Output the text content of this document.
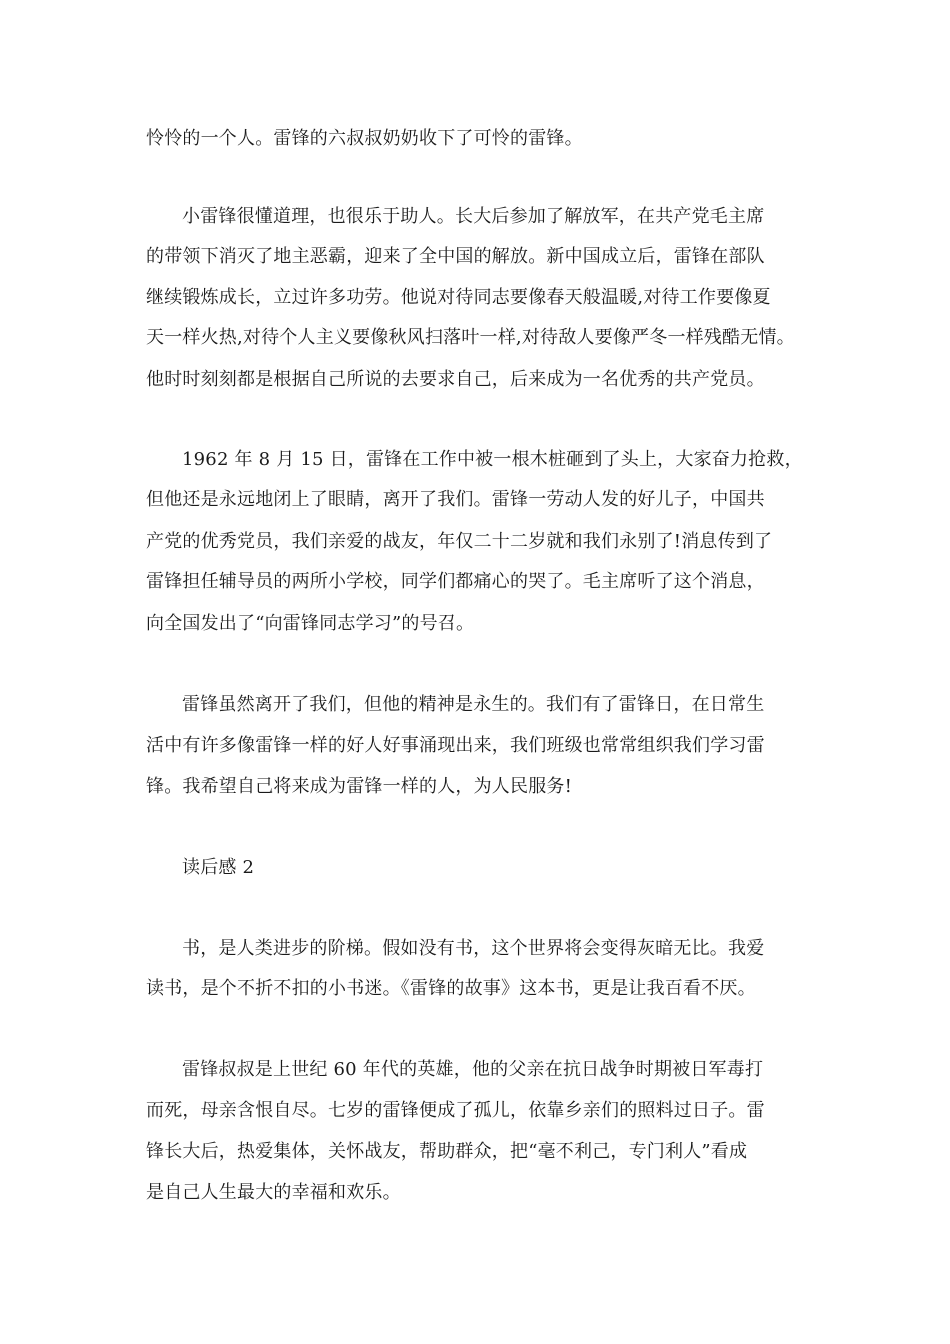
怜怜的一个人。雷锋的六叔叔奶奶收下了可怜的雷锋。
小雷锋很懂道理，也很乐于助人。长大后参加了解放军，在共产党毛主席
的带领下消灭了地主恶霸，迎来了全中国的解放。新中国成立后，雷锋在部队
继续锻炼成长，立过许多功劳。他说对待同志要像春天般温暖,对待工作要像夏
天一样火热,对待个人主义要像秋风扫落叶一样,对待敌人要像严冬一样残酷无情。
他时时刻刻都是根据自己所说的去要求自己，后来成为一名优秀的共产党员。
1962 年 8 月 15 日，雷锋在工作中被一根木桩砸到了头上，大家奋力抢救，
但他还是永远地闭上了眼睛，离开了我们。雷锋一劳动人发的好儿子，中国共
产党的优秀党员，我们亲爱的战友，年仅二十二岁就和我们永别了!消息传到了
雷锋担任辅导员的两所小学校，同学们都痛心的哭了。毛主席听了这个消息，
向全国发出了“向雷锋同志学习”的号召。
雷锋虽然离开了我们，但他的精神是永生的。我们有了雷锋日，在日常生
活中有许多像雷锋一样的好人好事涌现出来，我们班级也常常组织我们学习雷
锋。我希望自己将来成为雷锋一样的人，为人民服务!
读后感 2
书，是人类进步的阶梯。假如没有书，这个世界将会变得灰暗无比。我爱
读书，是个不折不扣的小书迷。《雷锋的故事》这本书，更是让我百看不厌。
雷锋叔叔是上世纪 60 年代的英雄，他的父亲在抗日战争时期被日军毒打
而死，母亲含恨自尽。七岁的雷锋便成了孤儿，依靠乡亲们的照料过日子。雷
锋长大后，热爱集体，关怀战友，帮助群众，把“毫不利己，专门利人”看成
是自己人生最大的幸福和欢乐。
